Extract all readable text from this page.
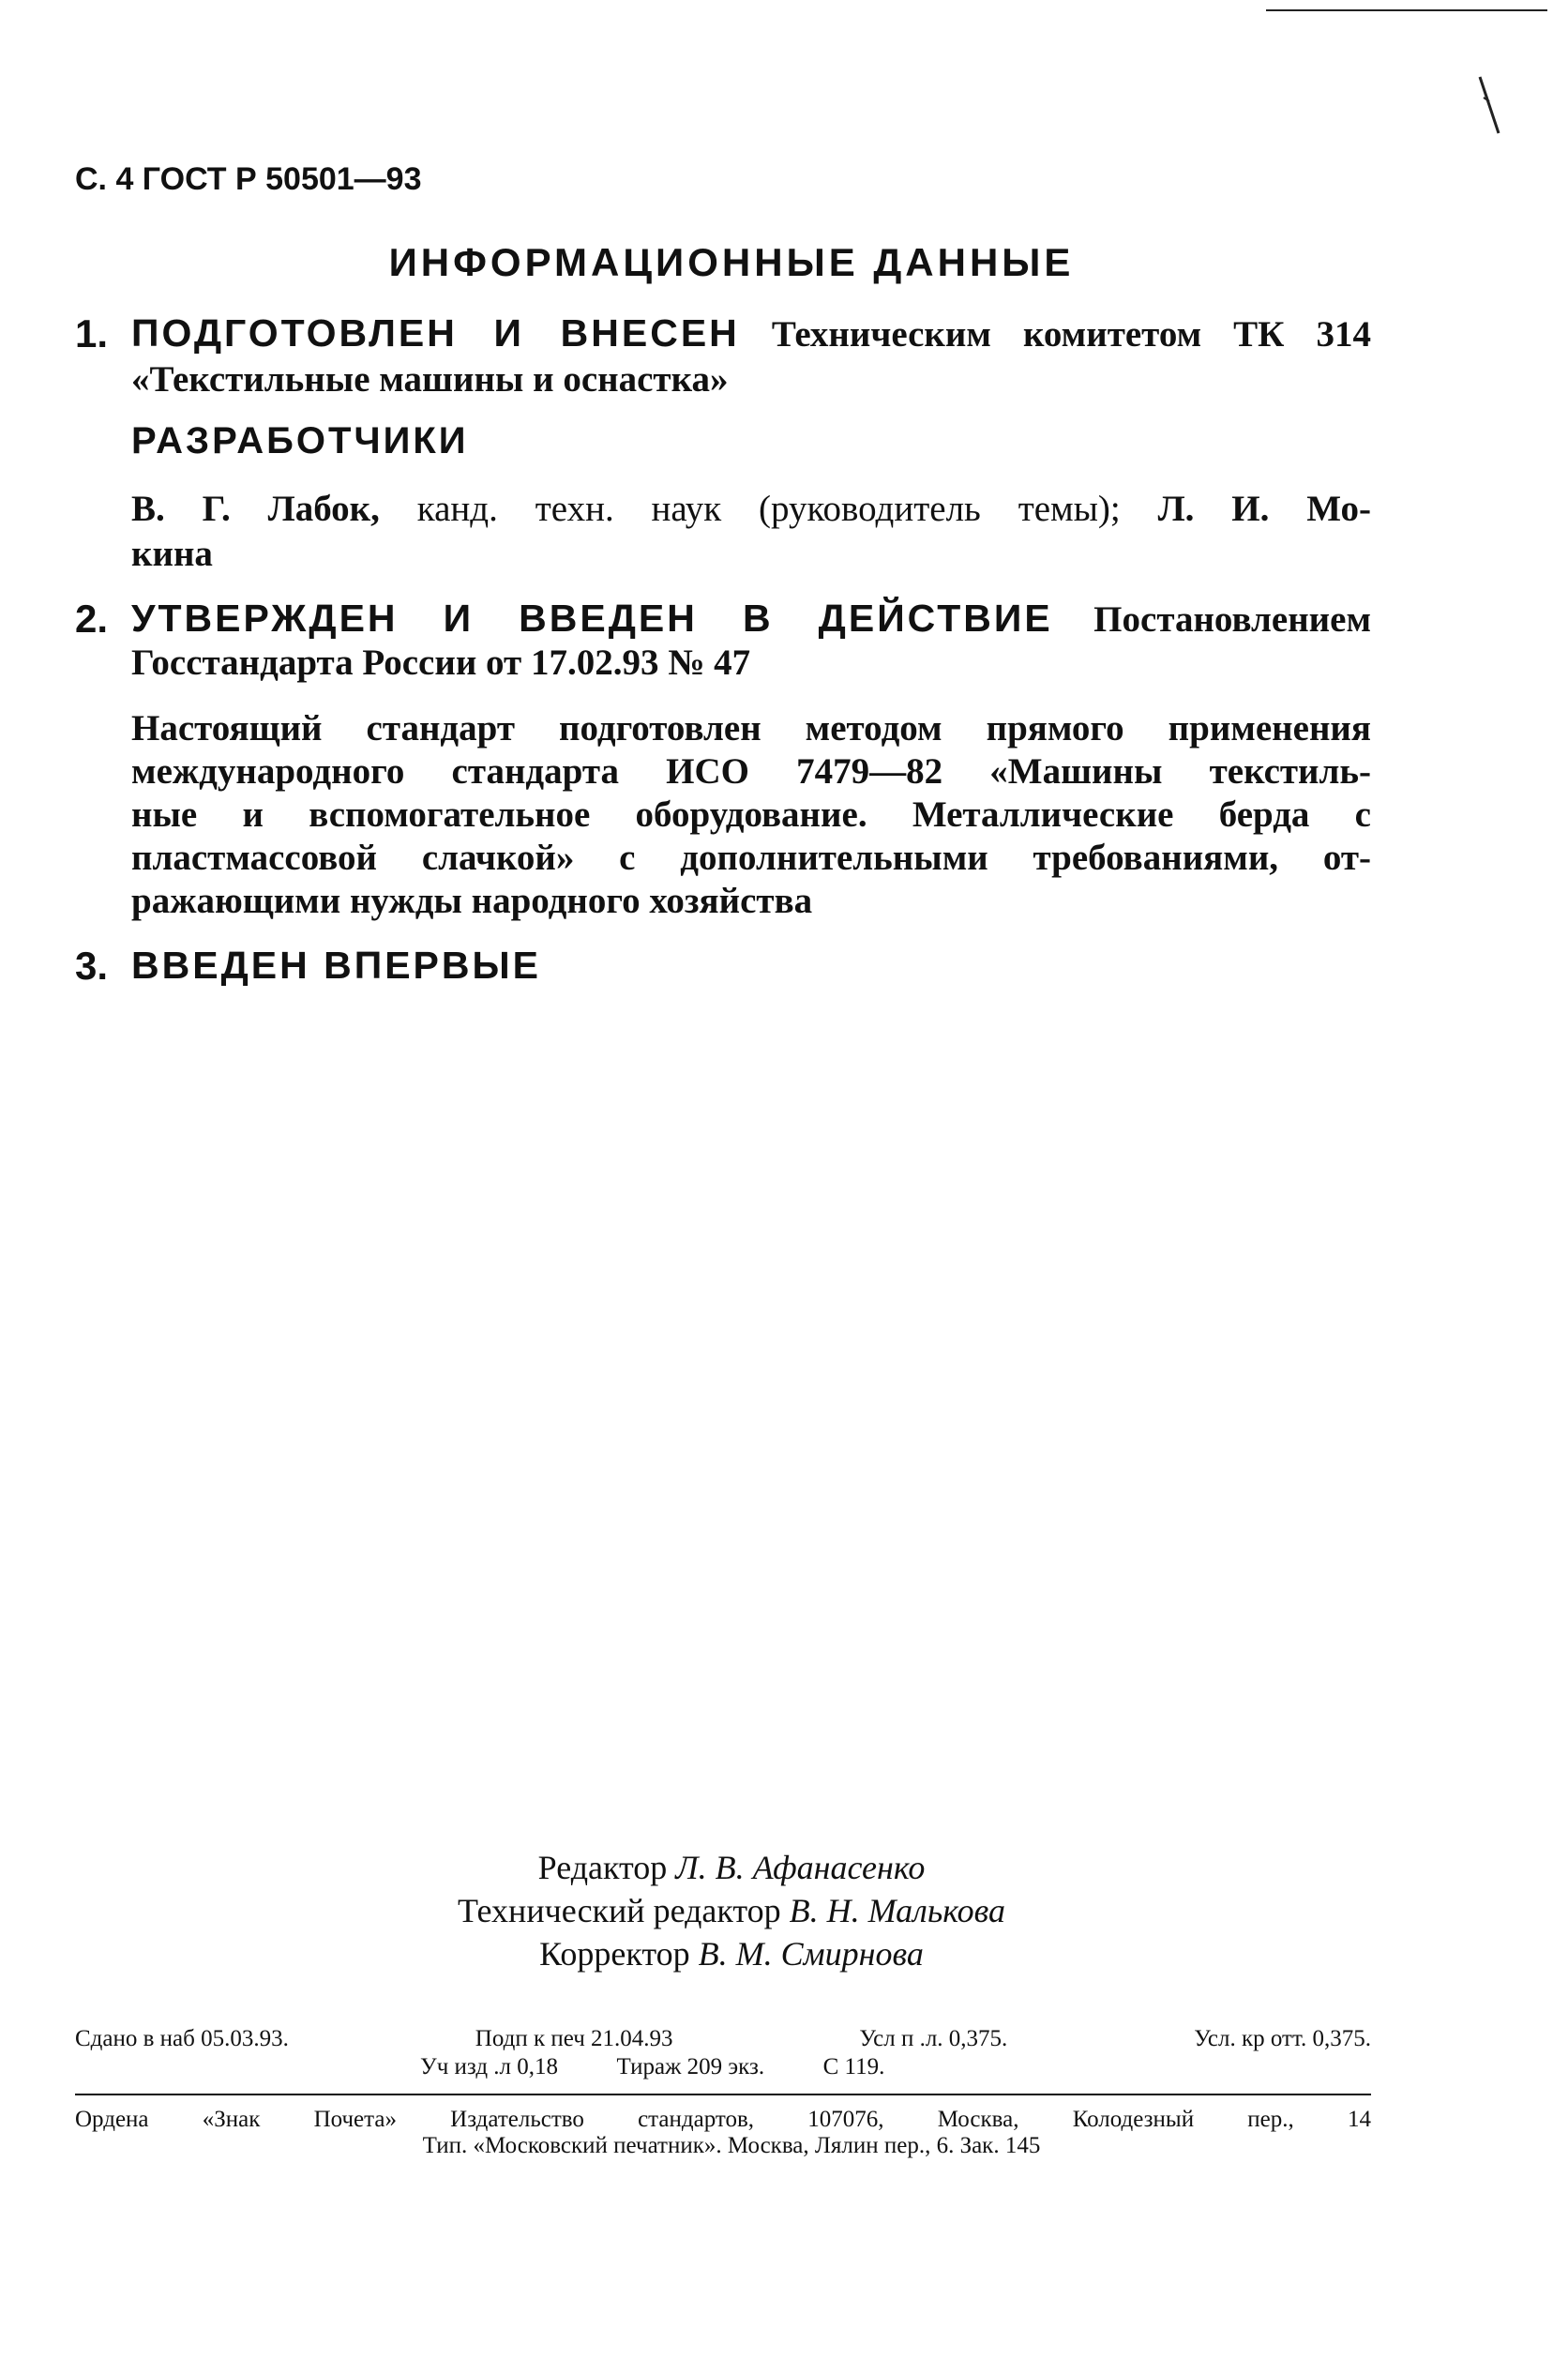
С. 4 ГОСТ Р 50501—93
ИНФОРМАЦИОННЫЕ ДАННЫЕ
1. ПОДГОТОВЛЕН И ВНЕСЕН Техническим комитетом ТК 314
«Текстильные машины и оснастка»
РАЗРАБОТЧИКИ
В. Г. Лабок, канд. техн. наук (руководитель темы); Л. И. Мо-
кина
2. УТВЕРЖДЕН И ВВЕДЕН В ДЕЙСТВИЕ Постановлением
Госстандарта России от 17.02.93 № 47
Настоящий стандарт подготовлен методом прямого применения
международного стандарта ИСО 7479—82 «Машины текстиль-
ные и вспомогательное оборудование. Металлические берда с
пластмассовой слачкой» с дополнительными требованиями, от-
ражающими нужды народного хозяйства
3. ВВЕДЕН ВПЕРВЫЕ
Редактор Л. В. Афанасенко
Технический редактор В. Н. Малькова
Корректор В. М. Смирнова
Сдано в наб 05.03.93.	Подп к печ 21.04.93	Усл п .л. 0,375.	Усл. кр отт. 0,375.
Уч изд .л 0,18	Тираж 209 экз.	С 119.
Ордена «Знак Почета» Издательство стандартов, 107076, Москва, Колодезный пер., 14
Тип. «Московский печатник». Москва, Лялин пер., 6. Зак. 145
